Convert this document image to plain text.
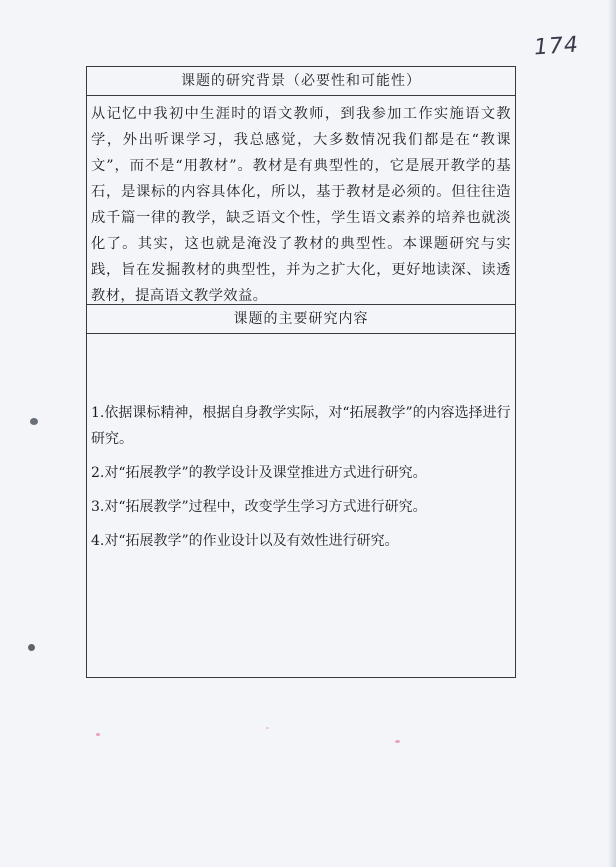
174
课题的研究背景（必要性和可能性）
从记忆中我初中生涯时的语文教师，到我参加工作实施语文教学，外出听课学习，我总感觉，大多数情况我们都是在“教课文”，而不是“用教材”。教材是有典型性的，它是展开教学的基石，是课标的内容具体化，所以，基于教材是必须的。但往往造成千篇一律的教学，缺乏语文个性，学生语文素养的培养也就淡化了。其实，这也就是淹没了教材的典型性。本课题研究与实践，旨在发掘教材的典型性，并为之扩大化，更好地读深、读透教材，提高语文教学效益。
课题的主要研究内容

1.依据课标精神，根据自身教学实际，对“拓展教学”的内容选择进行研究。

2.对“拓展教学”的教学设计及课堂推进方式进行研究。

3.对“拓展教学”过程中，改变学生学习方式进行研究。

4.对“拓展教学”的作业设计以及有效性进行研究。
